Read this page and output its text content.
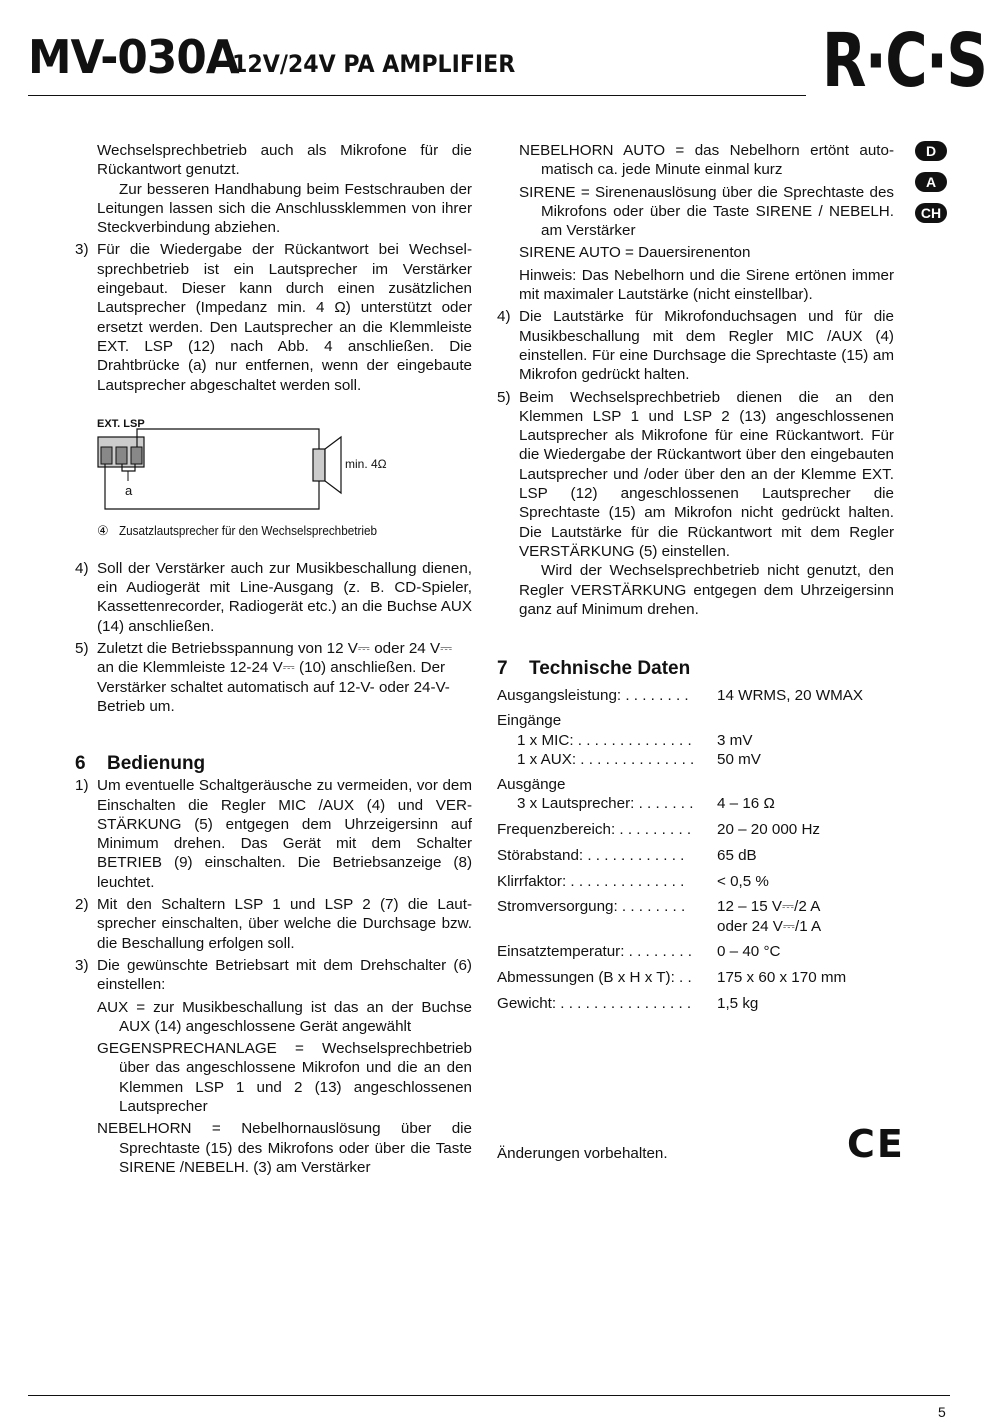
MV-030A
12V/24V PA AMPLIFIER	R·C·S
D
A
CH

Wechselsprechbetrieb auch als Mikrofone für die Rückantwort genutzt.

Zur besseren Handhabung beim Festschrauben der Leitungen lassen sich die Anschlussklemmen von ihrer Steckverbindung abziehen.

3) Für die Wiedergabe der Rückantwort bei Wechselsprechbetrieb ist ein Lautsprecher im Verstärker eingebaut. Dieser kann durch einen zusätzlichen Lautsprecher (Impedanz min. 4 Ω) unterstützt oder ersetzt werden. Den Lautsprecher an die Klemmleiste EXT. LSP (12) nach Abb. 4 anschließen. Die Drahtbrücke (a) nur entfernen, wenn der eingebaute Lautsprecher abgeschaltet werden soll.

EXT. LSP
a
min. 4Ω
④ Zusatzlautsprecher für den Wechselsprechbetrieb
4) Soll der Verstärker auch zur Musikbeschallung dienen, ein Audiogerät mit Line-Ausgang (z. B. CD-Spieler, Kassettenrecorder, Radiogerät etc.) an die Buchse AUX (14) anschließen.

5) Zuletzt die Betriebsspannung von 12 V⎓ oder 24 V⎓ an die Klemmleiste 12-24 V⎓ (10) anschließen. Der Verstärker schaltet automatisch auf 12-V- oder 24-V-Betrieb um.

6 Bedienung
1) Um eventuelle Schaltgeräusche zu vermeiden, vor dem Einschalten die Regler MIC /AUX (4) und VERSTÄRKUNG (5) entgegen dem Uhrzeigersinn auf Minimum drehen. Das Gerät mit dem Schalter BETRIEB (9) einschalten. Die Betriebsanzeige (8) leuchtet.

2) Mit den Schaltern LSP 1 und LSP 2 (7) die Lautsprecher einschalten, über welche die Durchsage bzw. die Beschallung erfolgen soll.

3) Die gewünschte Betriebsart mit dem Drehschalter (6) einstellen:

AUX = zur Musikbeschallung ist das an der Buchse AUX (14) angeschlossene Gerät angewählt

GEGENSPRECHANLAGE = Wechselsprechbetrieb über das angeschlossene Mikrofon und die an den Klemmen LSP 1 und 2 (13) angeschlossenen Lautsprecher

NEBELHORN = Nebelhornauslösung über die Sprechtaste (15) des Mikrofons oder über die Taste SIRENE /NEBELH. (3) am Verstärker

NEBELHORN AUTO = das Nebelhorn ertönt automatisch ca. jede Minute einmal kurz

SIRENE = Sirenenauslösung über die Sprechtaste des Mikrofons oder über die Taste SIRENE / NEBELH. am Verstärker

SIRENE AUTO = Dauersirenenton

Hinweis: Das Nebelhorn und die Sirene ertönen immer mit maximaler Lautstärke (nicht einstellbar).

4) Die Lautstärke für Mikrofonduchsagen und für die Musikbeschallung mit dem Regler MIC /AUX (4) einstellen. Für eine Durchsage die Sprechtaste (15) am Mikrofon gedrückt halten.

5) Beim Wechselsprechbetrieb dienen die an den Klemmen LSP 1 und LSP 2 (13) angeschlossenen Lautsprecher als Mikrofone für eine Rückantwort. Für die Wiedergabe der Rückantwort über den eingebauten Lautsprecher und /oder über den an der Klemme EXT. LSP (12) angeschlossenen Lautsprecher die Sprechtaste (15) am Mikrofon nicht gedrückt halten. Die Lautstärke für die Rückantwort mit dem Regler VERSTÄRKUNG (5) einstellen.

Wird der Wechselsprechbetrieb nicht genutzt, den Regler VERSTÄRKUNG entgegen dem Uhrzeigersinn ganz auf Minimum drehen.

7 Technische Daten
Ausgangsleistung: . . . . . . . .	14 WRMS, 20 WMAX
Eingänge
1 x MIC: . . . . . . . . . . . . . .	3 mV
1 x AUX: . . . . . . . . . . . . . .	50 mV
Ausgänge
3 x Lautsprecher: . . . . . . .	4 – 16 Ω
Frequenzbereich: . . . . . . . . .	20 – 20 000 Hz
Störabstand: . . . . . . . . . . . .	65 dB
Klirrfaktor: . . . . . . . . . . . . . .	< 0,5 %
Stromversorgung: . . . . . . . .	12 – 15 V⎓/2 A oder 24 V⎓/1 A
Einsatztemperatur: . . . . . . . .	0 – 40 °C
Abmessungen (B x H x T): . .	175 x 60 x 170 mm
Gewicht: . . . . . . . . . . . . . . . .	1,5 kg
Änderungen vorbehalten.	CE
5
